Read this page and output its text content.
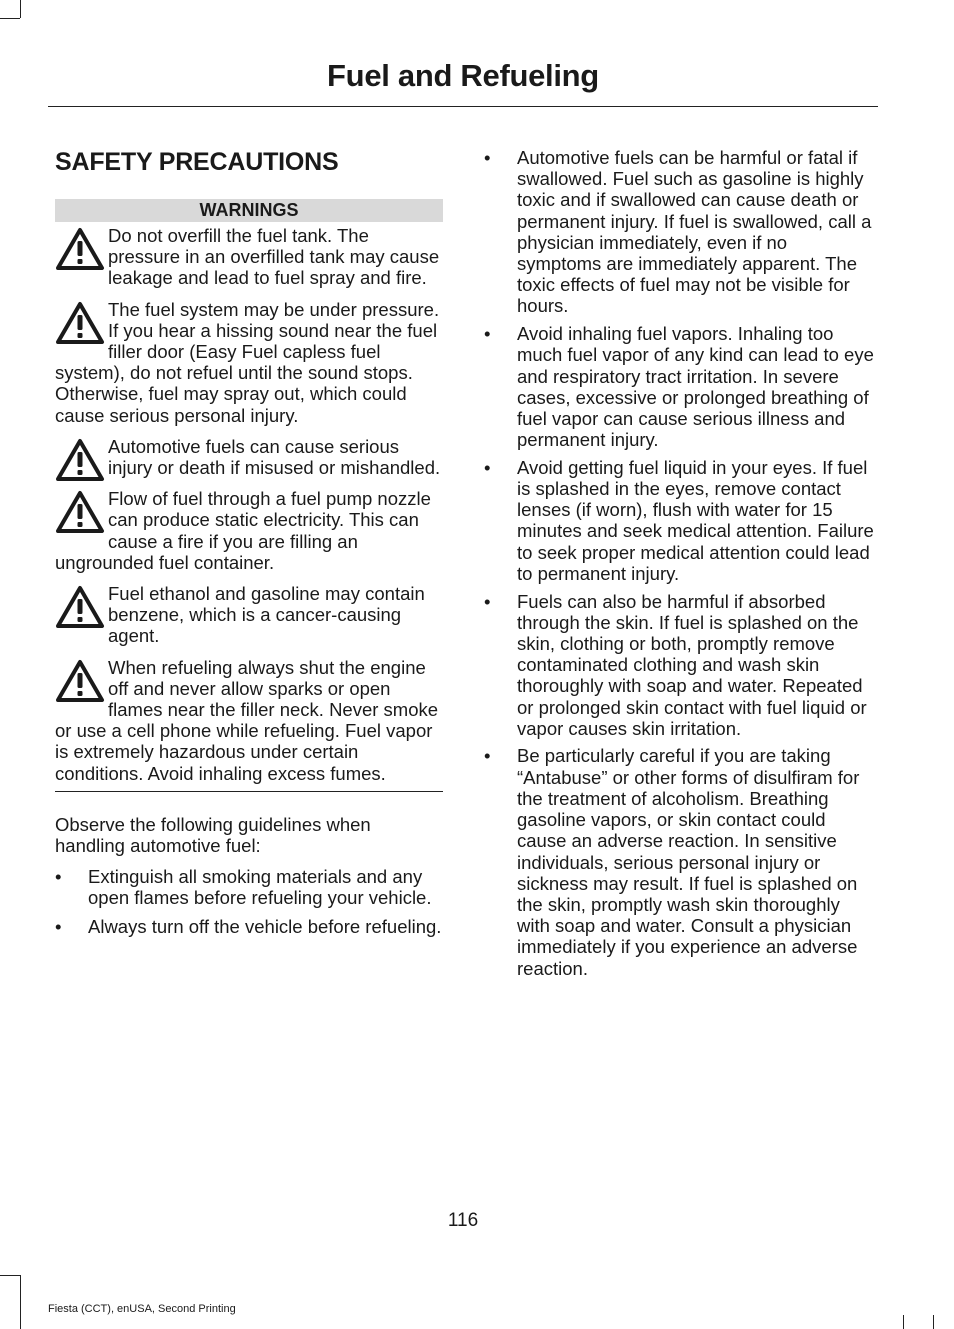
Fuel and Refueling
SAFETY PRECAUTIONS
WARNINGS
Do not overfill the fuel tank. The pressure in an overfilled tank may cause leakage and lead to fuel spray and fire.
The fuel system may be under pressure. If you hear a hissing sound near the fuel filler door (Easy Fuel capless fuel system), do not refuel until the sound stops. Otherwise, fuel may spray out, which could cause serious personal injury.
Automotive fuels can cause serious injury or death if misused or mishandled.
Flow of fuel through a fuel pump nozzle can produce static electricity. This can cause a fire if you are filling an ungrounded fuel container.
Fuel ethanol and gasoline may contain benzene, which is a cancer-causing agent.
When refueling always shut the engine off and never allow sparks or open flames near the filler neck. Never smoke or use a cell phone while refueling. Fuel vapor is extremely hazardous under certain conditions. Avoid inhaling excess fumes.
Observe the following guidelines when handling automotive fuel:
• Extinguish all smoking materials and any open flames before refueling your vehicle.
• Always turn off the vehicle before refueling.
• Automotive fuels can be harmful or fatal if swallowed. Fuel such as gasoline is highly toxic and if swallowed can cause death or permanent injury. If fuel is swallowed, call a physician immediately, even if no symptoms are immediately apparent. The toxic effects of fuel may not be visible for hours.
• Avoid inhaling fuel vapors. Inhaling too much fuel vapor of any kind can lead to eye and respiratory tract irritation. In severe cases, excessive or prolonged breathing of fuel vapor can cause serious illness and permanent injury.
• Avoid getting fuel liquid in your eyes. If fuel is splashed in the eyes, remove contact lenses (if worn), flush with water for 15 minutes and seek medical attention. Failure to seek proper medical attention could lead to permanent injury.
• Fuels can also be harmful if absorbed through the skin. If fuel is splashed on the skin, clothing or both, promptly remove contaminated clothing and wash skin thoroughly with soap and water. Repeated or prolonged skin contact with fuel liquid or vapor causes skin irritation.
• Be particularly careful if you are taking “Antabuse” or other forms of disulfiram for the treatment of alcoholism. Breathing gasoline vapors, or skin contact could cause an adverse reaction. In sensitive individuals, serious personal injury or sickness may result. If fuel is splashed on the skin, promptly wash skin thoroughly with soap and water. Consult a physician immediately if you experience an adverse reaction.
116
Fiesta (CCT), enUSA, Second Printing
